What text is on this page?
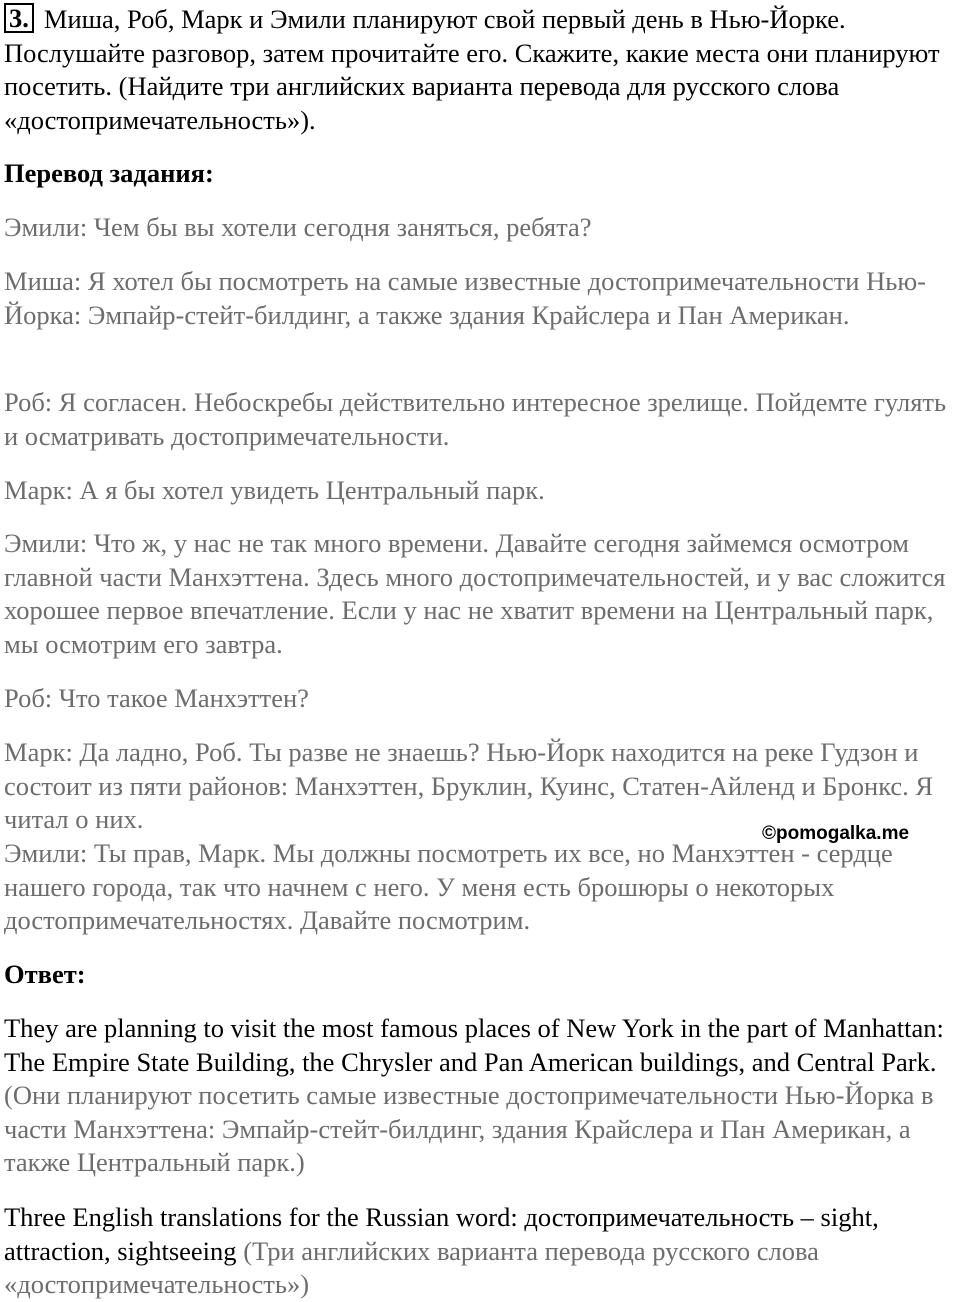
3. Миша, Роб, Марк и Эмили планируют свой первый день в Нью-Йорке. Послушайте разговор, затем прочитайте его. Скажите, какие места они планируют посетить. (Найдите три английских варианта перевода для русского слова «достопримечательность»).

Перевод задания:

Эмили: Чем бы вы хотели сегодня заняться, ребята?

Миша: Я хотел бы посмотреть на самые известные достопримечательности Нью-Йорка: Эмпайр-стейт-билдинг, а также здания Крайслера и Пан Американ.

Роб: Я согласен. Небоскребы действительно интересное зрелище. Пойдемте гулять и осматривать достопримечательности.

Марк: А я бы хотел увидеть Центральный парк.

Эмили: Что ж, у нас не так много времени. Давайте сегодня займемся осмотром главной части Манхэттена. Здесь много достопримечательностей, и у вас сложится хорошее первое впечатление. Если у нас не хватит времени на Центральный парк, мы осмотрим его завтра.

Роб: Что такое Манхэттен?

Марк: Да ладно, Роб. Ты разве не знаешь? Нью-Йорк находится на реке Гудзон и состоит из пяти районов: Манхэттен, Бруклин, Куинс, Статен-Айленд и Бронкс. Я читал о них.

Эмили: Ты прав, Марк. Мы должны посмотреть их все, но Манхэттен - сердце нашего города, так что начнем с него. У меня есть брошюры о некоторых достопримечательностях. Давайте посмотрим.

Ответ:

They are planning to visit the most famous places of New York in the part of Manhattan: The Empire State Building, the Chrysler and Pan American buildings, and Central Park. (Они планируют посетить самые известные достопримечательности Нью-Йорка в части Манхэттена: Эмпайр-стейт-билдинг, здания Крайслера и Пан Американ, а также Центральный парк.)

Three English translations for the Russian word: достопримечательность – sight, attraction, sightseeing (Три английских варианта перевода русского слова «достопримечательность»)

©pomogalka.me
